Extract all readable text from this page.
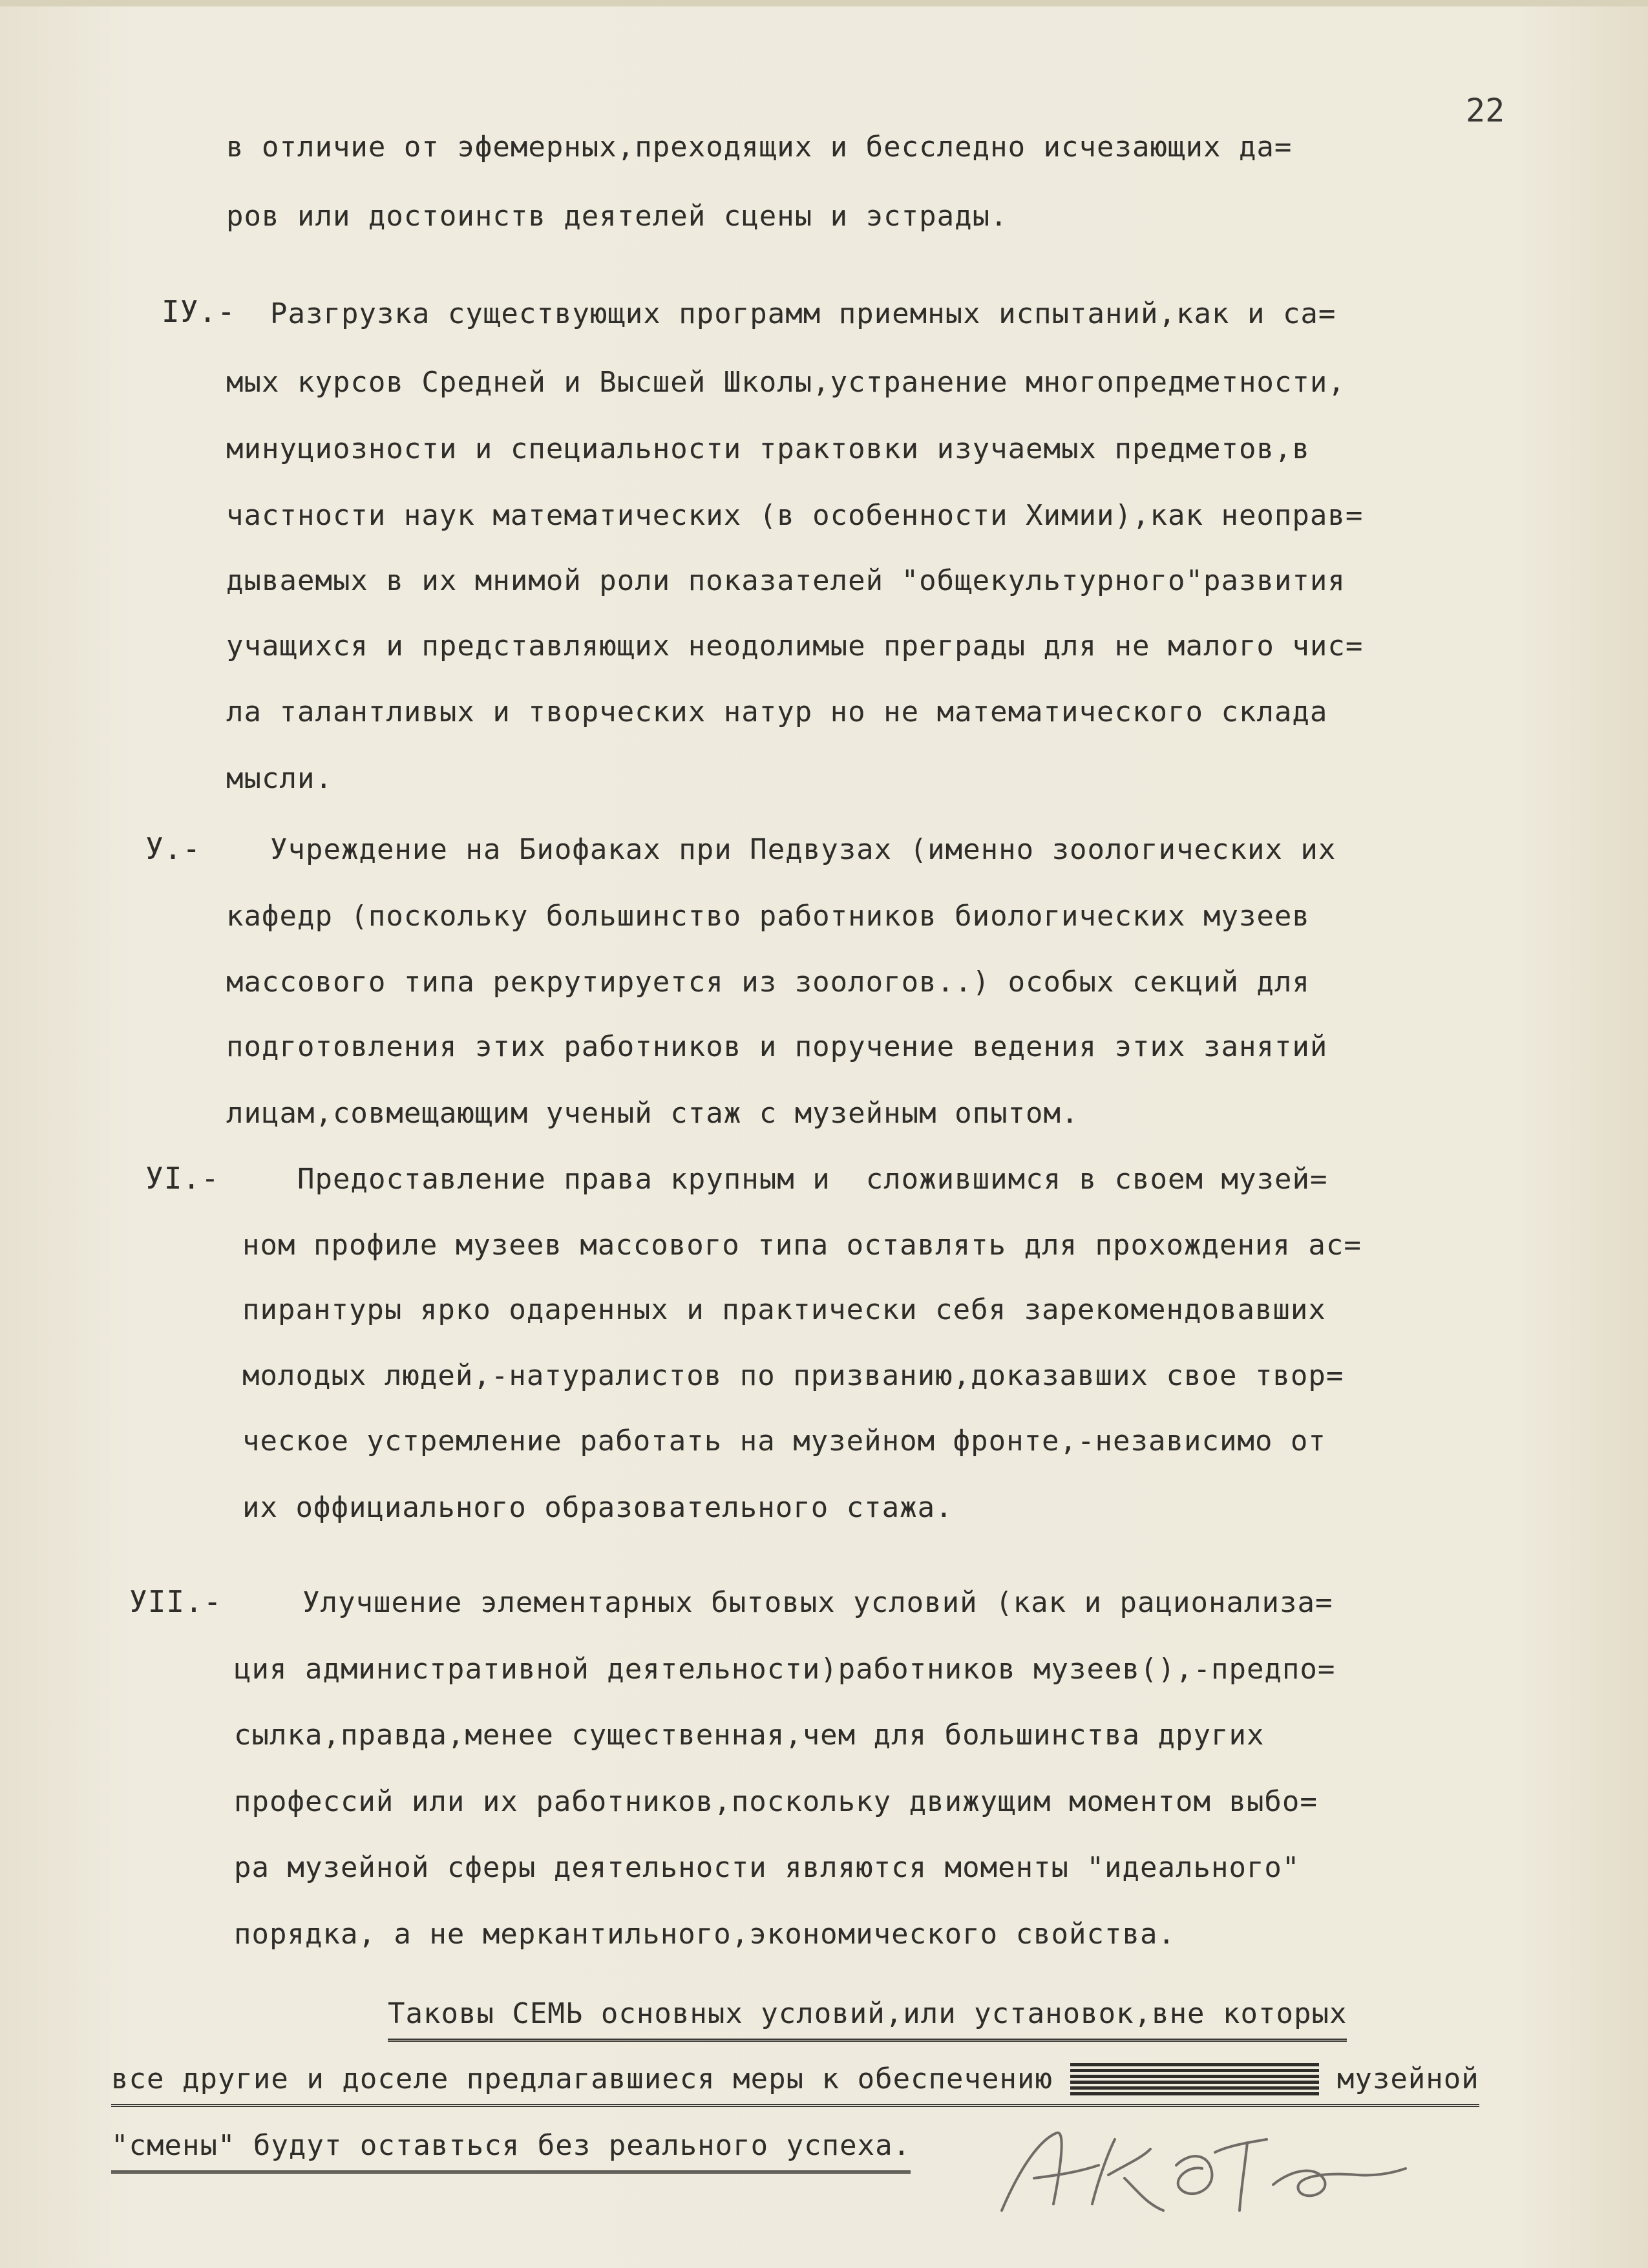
22
в отличие от эфемерных,преходящих и бесследно исчезающих да=
ров или достоинств деятелей сцены и эстрады.
IУ.- Разгрузка существующих программ приемных испытаний,как и са=
мых курсов Средней и Высшей Школы,устранение многопредметности,
минуциозности и специальности трактовки изучаемых предметов,в
частности наук математических (в особенности Химии),как неоправ=
дываемых в их мнимой роли показателей "общекультурного"развития
учащихся и представляющих неодолимые преграды для не малого чис=
ла талантливых и творческих натур но не математического склада
мысли.
У.- Учреждение на Биофаках при Педвузах (именно зоологических их
кафедр (поскольку большинство работников биологических музеев
массового типа рекрутируется из зоологов..) особых секций для
подготовления этих работников и поручение ведения этих занятий
лицам,совмещающим ученый стаж с музейным опытом.
УI.-	Предоставление права крупным и  сложившимся в своем музей=
ном профиле музеев массового типа оставлять для прохождения ас=
пирантуры ярко одаренных и практически себя зарекомендовавших
молодых людей,-натуралистов по призванию,доказавших свое твор=
ческое устремление работать на музейном фронте,-независимо от
их оффициального образовательного стажа.
УII.-	Улучшение элементарных бытовых условий (как и рационализа=
ция административной деятельности)работников музеев(),-предпо=
сылка,правда,менее существенная,чем для большинства других
профессий или их работников,поскольку движущим моментом выбо=
ра музейной сферы деятельности являются моменты "идеального"
порядка, а не меркантильного,экономического свойства.
Таковы СЕМЬ основных условий,или установок,вне которых
все другие и доселе предлагавшиеся меры к обеспечению	музейной
"смены" будут оставться без реального успеха.
